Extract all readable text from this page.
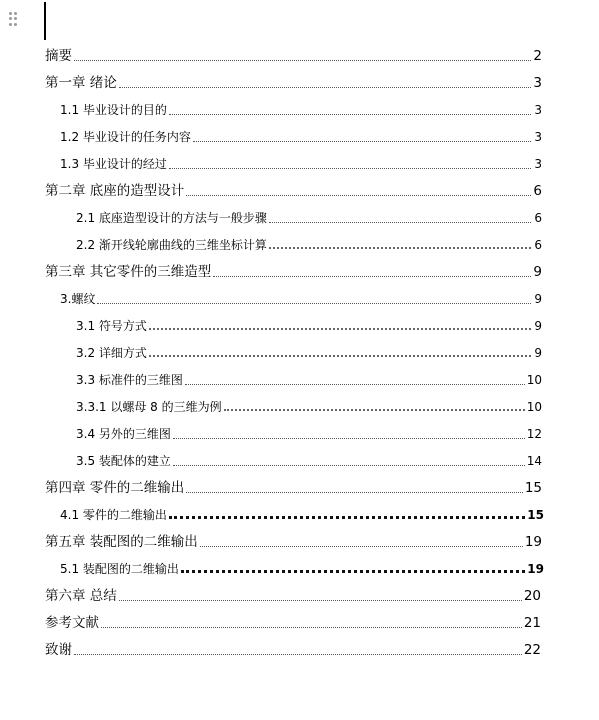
摘要	2
第一章 绪论	3
1.1 毕业设计的目的	3
1.2 毕业设计的任务内容	3
1.3 毕业设计的经过	3
第二章 底座的造型设计	6
2.1 底座造型设计的方法与一般步骤	6
2.2 渐开线轮廓曲线的三维坐标计算	6
第三章 其它零件的三维造型	9
3.螺纹	9
3.1 符号方式	9
3.2 详细方式	9
3.3 标准件的三维图	10
3.3.1 以螺母 8 的三维为例	10
3.4 另外的三维图	12
3.5 装配体的建立	14
第四章 零件的二维输出	15
4.1 零件的二维输出	15
第五章 装配图的二维输出	19
5.1 装配图的二维输出	19
第六章 总结	20
参考文献	21
致谢	22
